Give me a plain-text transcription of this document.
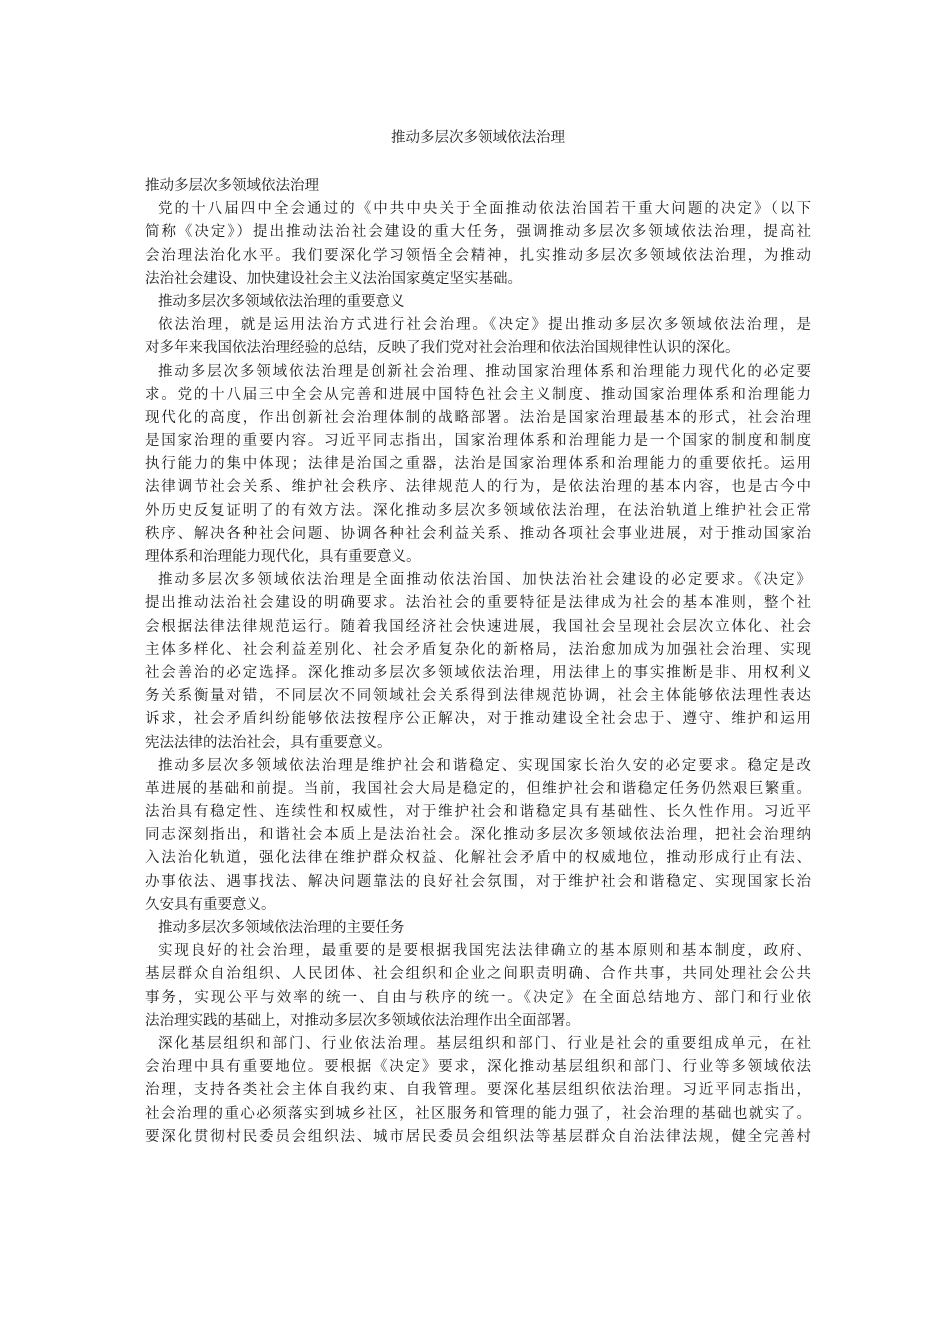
推动多层次多领域依法治理
推动多层次多领域依法治理
党的十八届四中全会通过的《中共中央关于全面推动依法治国若干重大问题的决定》（以下
简称《决定》）提出推动法治社会建设的重大任务，强调推动多层次多领域依法治理，提高社
会治理法治化水平。我们要深化学习领悟全会精神，扎实推动多层次多领域依法治理，为推动
法治社会建设、加快建设社会主义法治国家奠定坚实基础。
推动多层次多领域依法治理的重要意义
依法治理，就是运用法治方式进行社会治理。《决定》提出推动多层次多领域依法治理，是
对多年来我国依法治理经验的总结，反映了我们党对社会治理和依法治国规律性认识的深化。
推动多层次多领域依法治理是创新社会治理、推动国家治理体系和治理能力现代化的必定要
求。党的十八届三中全会从完善和进展中国特色社会主义制度、推动国家治理体系和治理能力
现代化的高度，作出创新社会治理体制的战略部署。法治是国家治理最基本的形式，社会治理
是国家治理的重要内容。习近平同志指出，国家治理体系和治理能力是一个国家的制度和制度
执行能力的集中体现；法律是治国之重器，法治是国家治理体系和治理能力的重要依托。运用
法律调节社会关系、维护社会秩序、法律规范人的行为，是依法治理的基本内容，也是古今中
外历史反复证明了的有效方法。深化推动多层次多领域依法治理，在法治轨道上维护社会正常
秩序、解决各种社会问题、协调各种社会利益关系、推动各项社会事业进展，对于推动国家治
理体系和治理能力现代化，具有重要意义。
推动多层次多领域依法治理是全面推动依法治国、加快法治社会建设的必定要求。《决定》
提出推动法治社会建设的明确要求。法治社会的重要特征是法律成为社会的基本准则，整个社
会根据法律法律规范运行。随着我国经济社会快速进展，我国社会呈现社会层次立体化、社会
主体多样化、社会利益差别化、社会矛盾复杂化的新格局，法治愈加成为加强社会治理、实现
社会善治的必定选择。深化推动多层次多领域依法治理，用法律上的事实推断是非、用权利义
务关系衡量对错，不同层次不同领域社会关系得到法律规范协调，社会主体能够依法理性表达
诉求，社会矛盾纠纷能够依法按程序公正解决，对于推动建设全社会忠于、遵守、维护和运用
宪法法律的法治社会，具有重要意义。
推动多层次多领域依法治理是维护社会和谐稳定、实现国家长治久安的必定要求。稳定是改
革进展的基础和前提。当前，我国社会大局是稳定的，但维护社会和谐稳定任务仍然艰巨繁重。
法治具有稳定性、连续性和权威性，对于维护社会和谐稳定具有基础性、长久性作用。习近平
同志深刻指出，和谐社会本质上是法治社会。深化推动多层次多领域依法治理，把社会治理纳
入法治化轨道，强化法律在维护群众权益、化解社会矛盾中的权威地位，推动形成行止有法、
办事依法、遇事找法、解决问题靠法的良好社会氛围，对于维护社会和谐稳定、实现国家长治
久安具有重要意义。
推动多层次多领域依法治理的主要任务
实现良好的社会治理，最重要的是要根据我国宪法法律确立的基本原则和基本制度，政府、
基层群众自治组织、人民团体、社会组织和企业之间职责明确、合作共事，共同处理社会公共
事务，实现公平与效率的统一、自由与秩序的统一。《决定》在全面总结地方、部门和行业依
法治理实践的基础上，对推动多层次多领域依法治理作出全面部署。
深化基层组织和部门、行业依法治理。基层组织和部门、行业是社会的重要组成单元，在社
会治理中具有重要地位。要根据《决定》要求，深化推动基层组织和部门、行业等多领域依法
治理，支持各类社会主体自我约束、自我管理。要深化基层组织依法治理。习近平同志指出，
社会治理的重心必须落实到城乡社区，社区服务和管理的能力强了，社会治理的基础也就实了。
要深化贯彻村民委员会组织法、城市居民委员会组织法等基层群众自治法律法规，健全完善村
